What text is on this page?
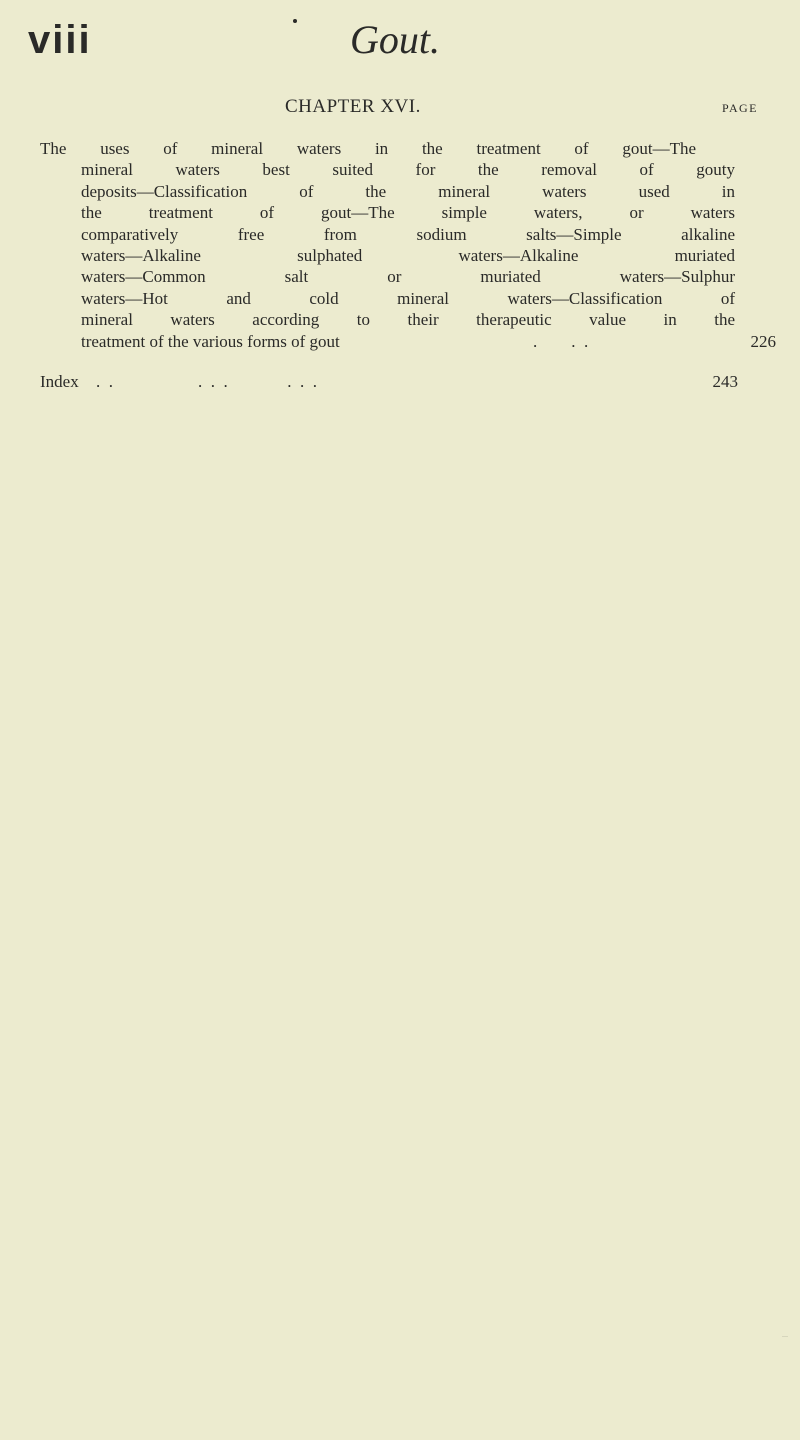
viii	Gout.
CHAPTER XVI.	PAGE
The uses of mineral waters in the treatment of gout—The
mineral waters best suited for the removal of gouty
deposits—Classification of the mineral waters used in
the treatment of gout—The simple waters, or waters
comparatively free from sodium salts—Simple alkaline
waters—Alkaline sulphated waters—Alkaline muriated
waters—Common salt or muriated waters—Sulphur
waters—Hot and cold mineral waters—Classification of
mineral waters according to their therapeutic value in the
treatment of the various forms of gout	.        .  .	226
Index .  .                    .  .  .              .  .  .	243
